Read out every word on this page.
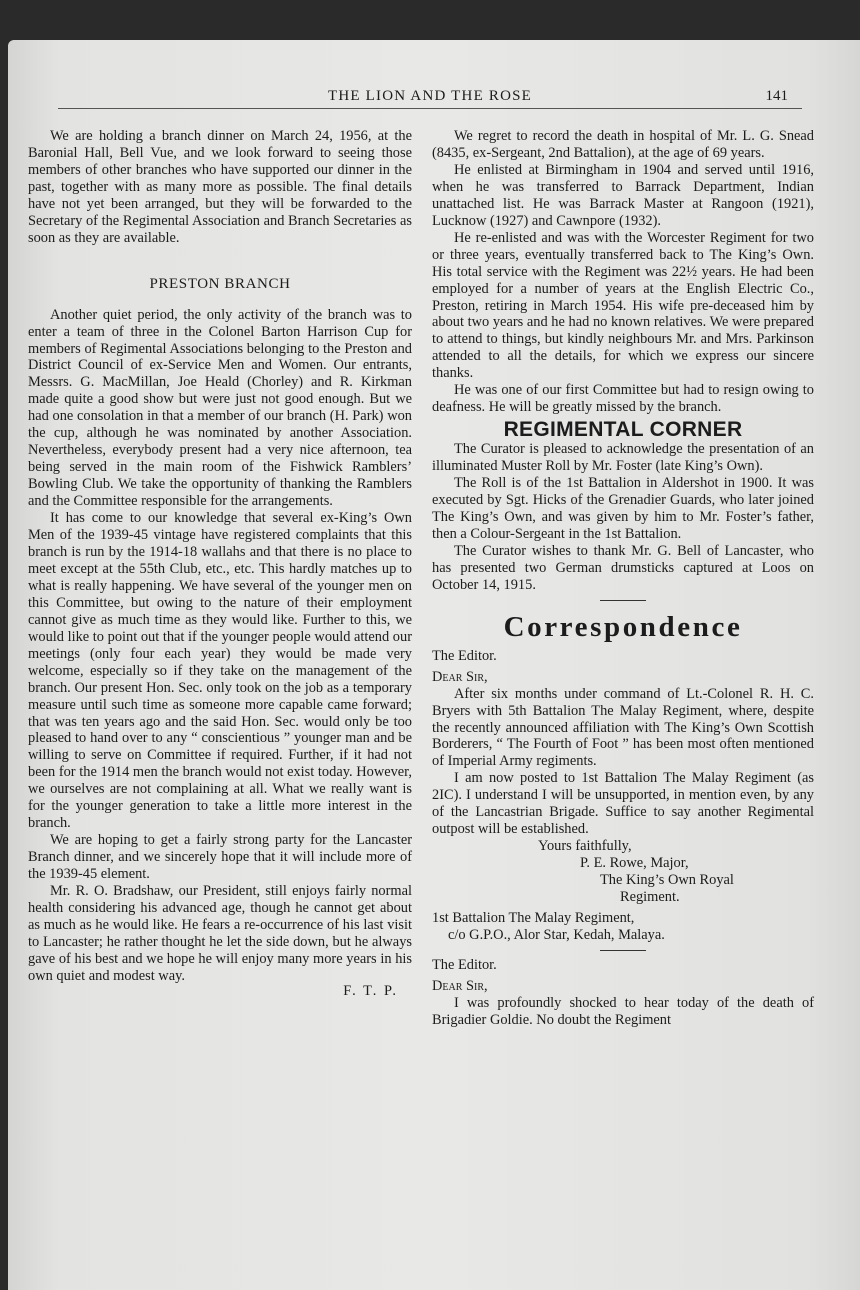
THE LION AND THE ROSE	141

We are holding a branch dinner on March 24, 1956, at the Baronial Hall, Bell Vue, and we look forward to seeing those members of other branches who have supported our dinner in the past, together with as many more as possible. The final details have not yet been arranged, but they will be forwarded to the Secretary of the Regimental Association and Branch Secretaries as soon as they are available.

PRESTON BRANCH

Another quiet period, the only activity of the branch was to enter a team of three in the Colonel Barton Harrison Cup for members of Regimental Associations belonging to the Preston and District Council of ex-Service Men and Women. Our entrants, Messrs. G. MacMillan, Joe Heald (Chorley) and R. Kirkman made quite a good show but were just not good enough. But we had one consolation in that a member of our branch (H. Park) won the cup, although he was nominated by another Association. Nevertheless, everybody present had a very nice afternoon, tea being served in the main room of the Fishwick Ramblers’ Bowling Club. We take the opportunity of thanking the Ramblers and the Committee responsible for the arrangements.

It has come to our knowledge that several ex-King’s Own Men of the 1939-45 vintage have registered complaints that this branch is run by the 1914-18 wallahs and that there is no place to meet except at the 55th Club, etc., etc. This hardly matches up to what is really happening. We have several of the younger men on this Committee, but owing to the nature of their employment cannot give as much time as they would like. Further to this, we would like to point out that if the younger people would attend our meetings (only four each year) they would be made very welcome, especially so if they take on the management of the branch. Our present Hon. Sec. only took on the job as a temporary measure until such time as someone more capable came forward; that was ten years ago and the said Hon. Sec. would only be too pleased to hand over to any “ conscientious ” younger man and be willing to serve on Committee if required. Further, if it had not been for the 1914 men the branch would not exist today. However, we ourselves are not complaining at all. What we really want is for the younger generation to take a little more interest in the branch.

We are hoping to get a fairly strong party for the Lancaster Branch dinner, and we sincerely hope that it will include more of the 1939-45 element.

Mr. R. O. Bradshaw, our President, still enjoys fairly normal health considering his advanced age, though he cannot get about as much as he would like. He fears a re-occurrence of his last visit to Lancaster; he rather thought he let the side down, but he always gave of his best and we hope he will enjoy many more years in his own quiet and modest way.

F. T. P.

We regret to record the death in hospital of Mr. L. G. Snead (8435, ex-Sergeant, 2nd Battalion), at the age of 69 years.

He enlisted at Birmingham in 1904 and served until 1916, when he was transferred to Barrack Department, Indian unattached list. He was Barrack Master at Rangoon (1921), Lucknow (1927) and Cawnpore (1932).

He re-enlisted and was with the Worcester Regiment for two or three years, eventually transferred back to The King’s Own. His total service with the Regiment was 22½ years. He had been employed for a number of years at the English Electric Co., Preston, retiring in March 1954. His wife pre-deceased him by about two years and he had no known relatives. We were prepared to attend to things, but kindly neighbours Mr. and Mrs. Parkinson attended to all the details, for which we express our sincere thanks.

He was one of our first Committee but had to resign owing to deafness. He will be greatly missed by the branch.

REGIMENTAL CORNER

The Curator is pleased to acknowledge the presentation of an illuminated Muster Roll by Mr. Foster (late King’s Own).

The Roll is of the 1st Battalion in Aldershot in 1900. It was executed by Sgt. Hicks of the Grenadier Guards, who later joined The King’s Own, and was given by him to Mr. Foster’s father, then a Colour-Sergeant in the 1st Battalion.

The Curator wishes to thank Mr. G. Bell of Lancaster, who has presented two German drumsticks captured at Loos on October 14, 1915.

Correspondence

The Editor.

Dear Sir,

After six months under command of Lt.-Colonel R. H. C. Bryers with 5th Battalion The Malay Regiment, where, despite the recently announced affiliation with The King’s Own Scottish Borderers, “ The Fourth of Foot ” has been most often mentioned of Imperial Army regiments.

I am now posted to 1st Battalion The Malay Regiment (as 2IC). I understand I will be unsupported, in mention even, by any of the Lancastrian Brigade. Suffice to say another Regimental outpost will be established.

Yours faithfully,

P. E. Rowe, Major,

The King’s Own Royal

Regiment.

1st Battalion The Malay Regiment,

c/o G.P.O., Alor Star, Kedah, Malaya.

The Editor.

Dear Sir,

I was profoundly shocked to hear today of the death of Brigadier Goldie. No doubt the Regiment
